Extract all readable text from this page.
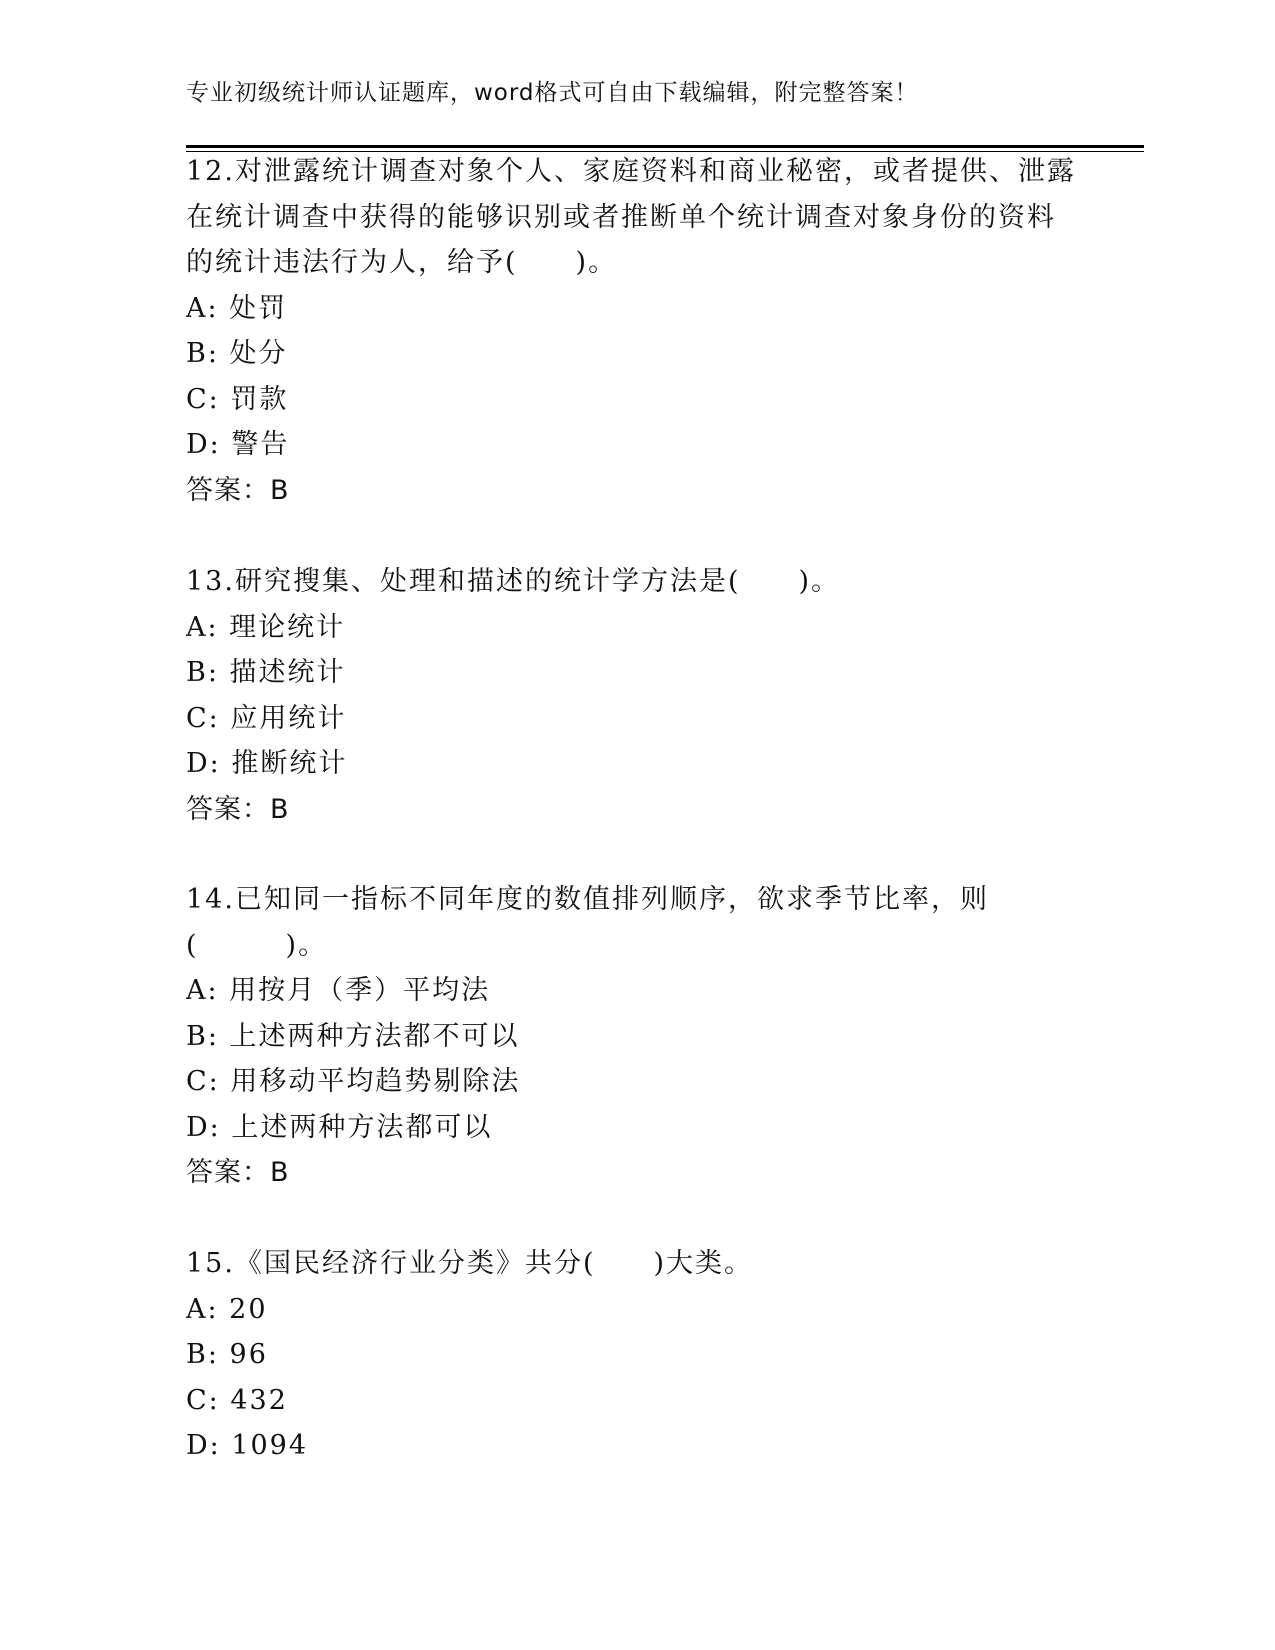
专业初级统计师认证题库，word格式可自由下载编辑，附完整答案！
12.对泄露统计调查对象个人、家庭资料和商业秘密，或者提供、泄露
在统计调查中获得的能够识别或者推断单个统计调查对象身份的资料
的统计违法行为人，给予(　　)。
A: 处罚
B: 处分
C: 罚款
D: 警告
答案：B
13.研究搜集、处理和描述的统计学方法是(　　)。
A: 理论统计
B: 描述统计
C: 应用统计
D: 推断统计
答案：B
14.已知同一指标不同年度的数值排列顺序，欲求季节比率，则
(　　　)。
A: 用按月（季）平均法
B: 上述两种方法都不可以
C: 用移动平均趋势剔除法
D: 上述两种方法都可以
答案：B
15.《国民经济行业分类》共分(　　)大类。
A: 20
B: 96
C: 432
D: 1094
